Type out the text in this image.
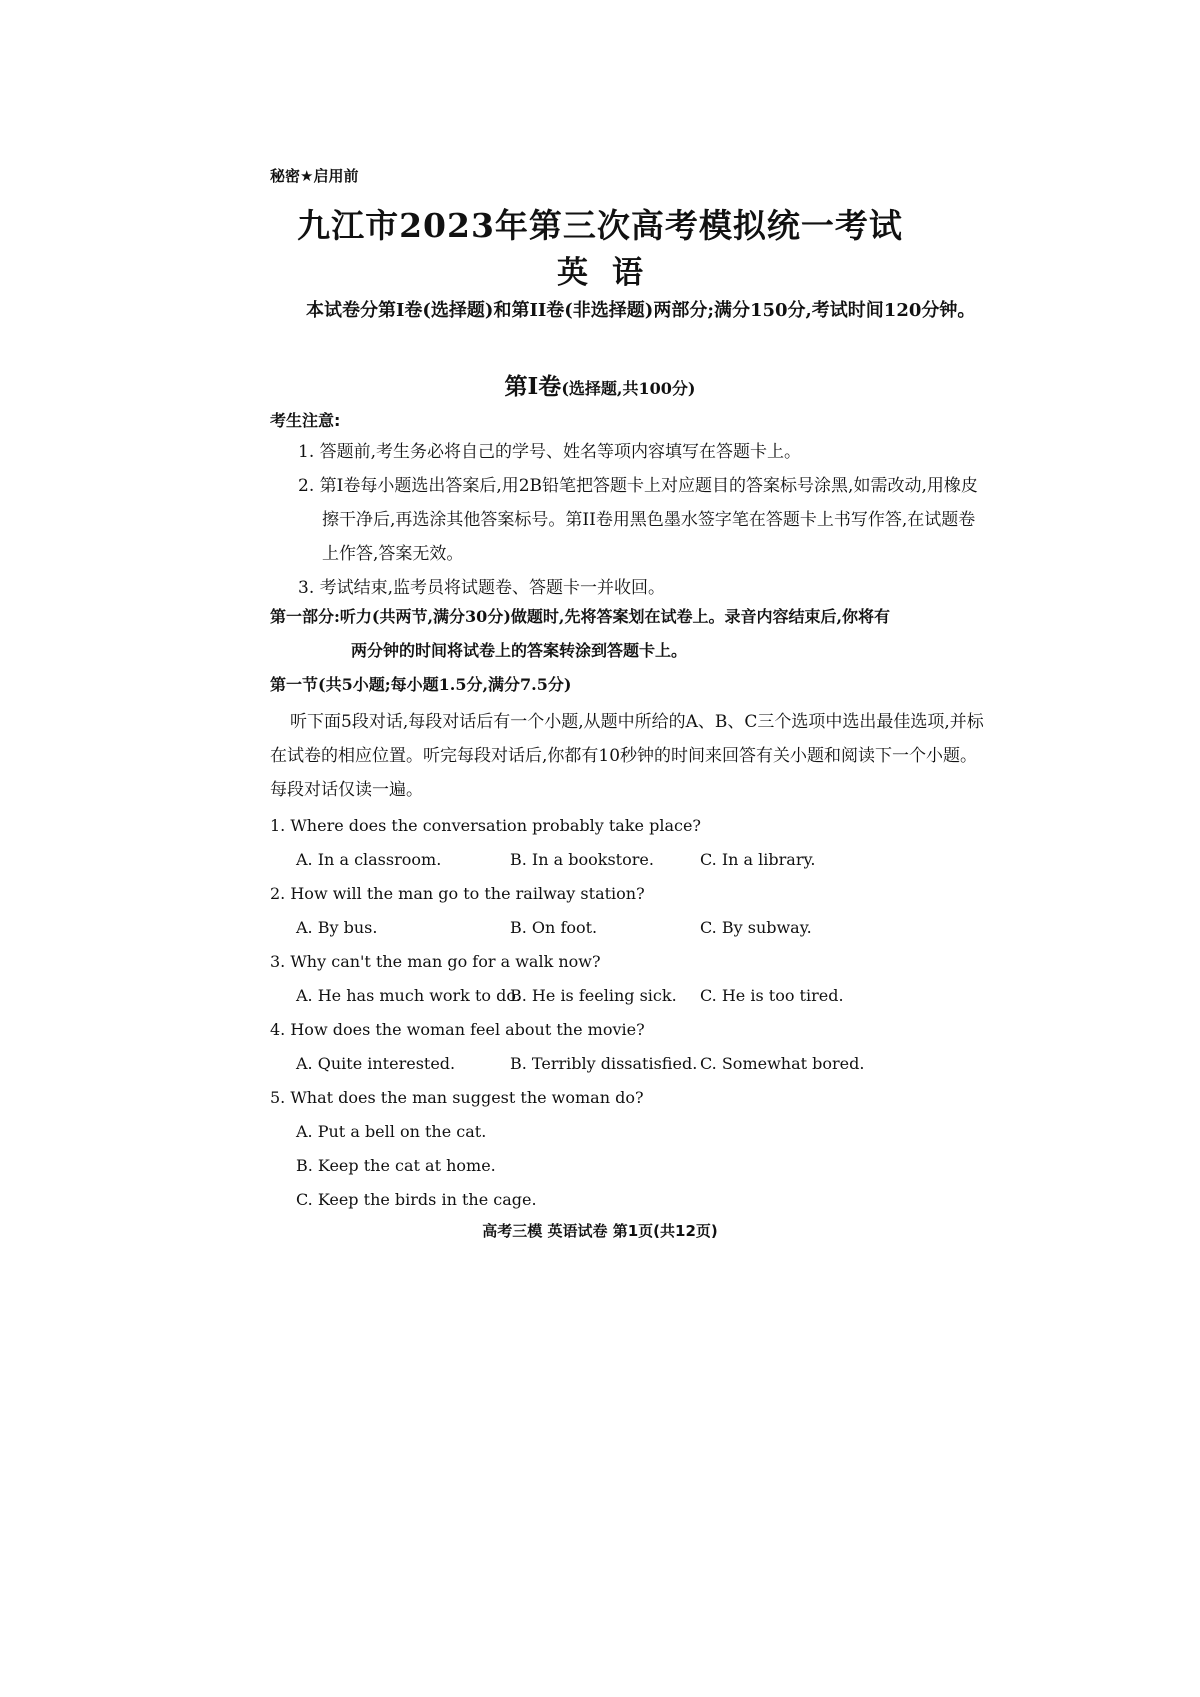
秘密★启用前
九江市2023年第三次高考模拟统一考试
英语
本试卷分第I卷(选择题)和第II卷(非选择题)两部分;满分150分,考试时间120分钟。
第I卷(选择题,共100分)
考生注意:

1. 答题前,考生务必将自己的学号、姓名等项内容填写在答题卡上。

2. 第I卷每小题选出答案后,用2B铅笔把答题卡上对应题目的答案标号涂黑,如需改动,用橡皮擦干净后,再选涂其他答案标号。第II卷用黑色墨水签字笔在答题卡上书写作答,在试题卷上作答,答案无效。

3. 考试结束,监考员将试题卷、答题卡一并收回。

第一部分:听力(共两节,满分30分)做题时,先将答案划在试卷上。录音内容结束后,你将有
两分钟的时间将试卷上的答案转涂到答题卡上。
第一节(共5小题;每小题1.5分,满分7.5分)
听下面5段对话,每段对话后有一个小题,从题中所给的A、B、C三个选项中选出最佳选项,并标在试卷的相应位置。听完每段对话后,你都有10秒钟的时间来回答有关小题和阅读下一个小题。每段对话仅读一遍。
1. Where does the conversation probably take place?
A. In a classroom.	B. In a bookstore.	C. In a library.
2. How will the man go to the railway station?
A. By bus.	B. On foot.	C. By subway.
3. Why can't the man go for a walk now?
A. He has much work to do.
B. He is feeling sick. C. He is too tired.
4. How does the woman feel about the movie?
A. Quite interested.	B. Terribly dissatisfied. C. Somewhat bored.
5. What does the man suggest the woman do?
A. Put a bell on the cat.
B. Keep the cat at home.
C. Keep the birds in the cage.
高考三模 英语试卷 第1页(共12页)
